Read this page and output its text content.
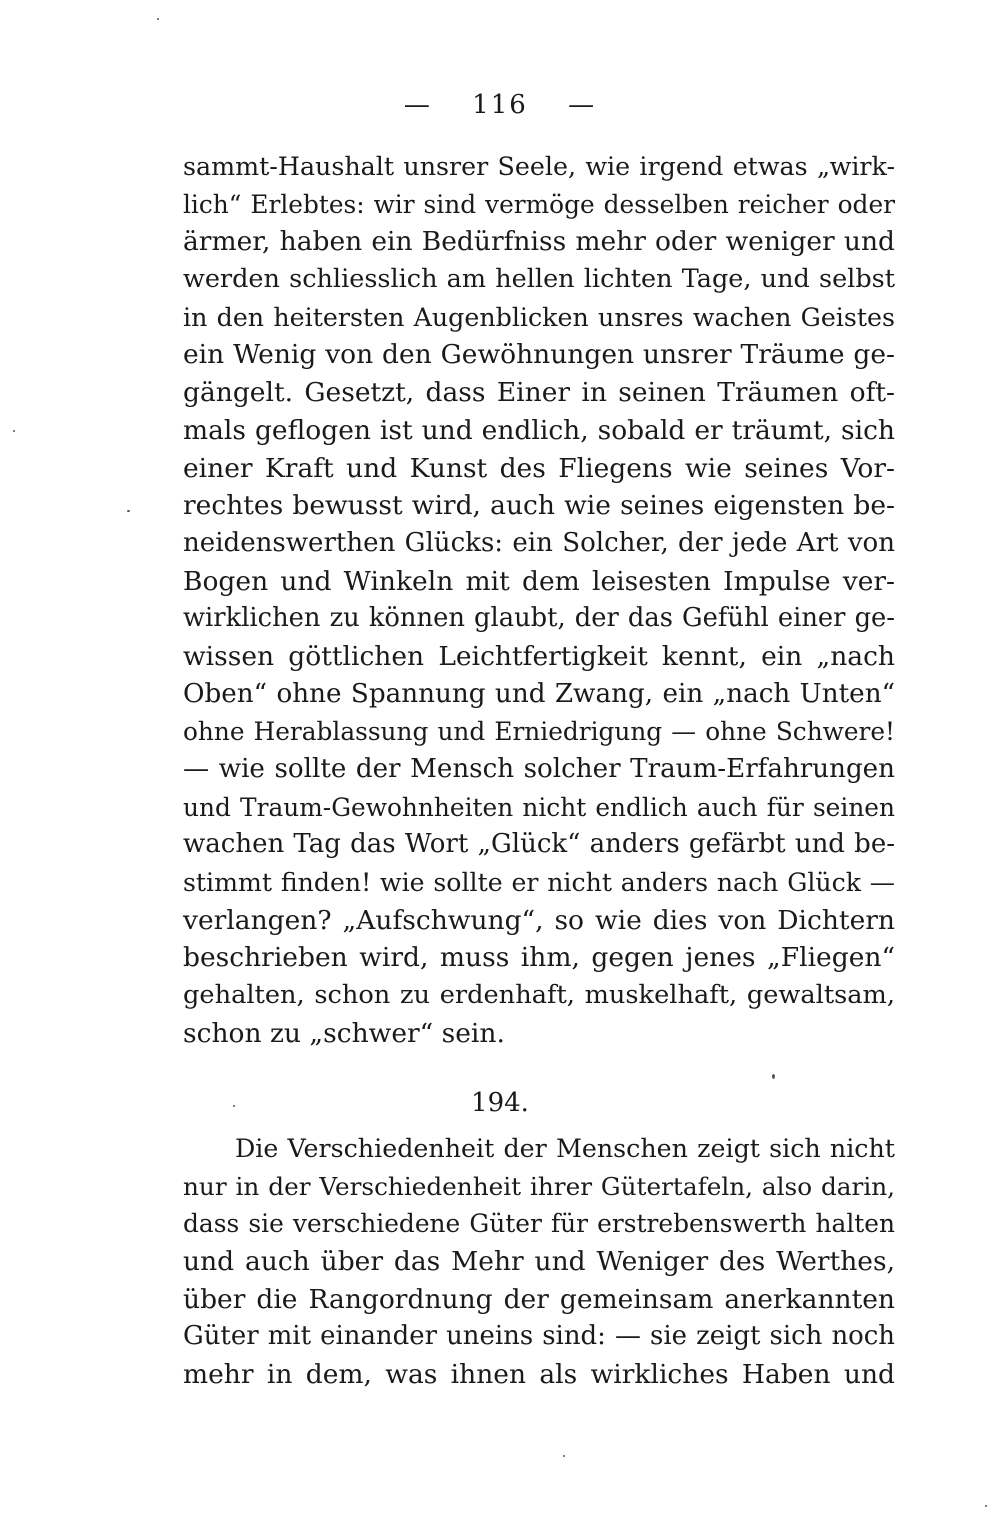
— 116 —
sammt-Haushalt unsrer Seele, wie irgend etwas „wirk-
lich“ Erlebtes: wir sind vermöge desselben reicher oder
ärmer, haben ein Bedürfniss mehr oder weniger und
werden schliesslich am hellen lichten Tage, und selbst
in den heitersten Augenblicken unsres wachen Geistes
ein Wenig von den Gewöhnungen unsrer Träume ge-
gängelt. Gesetzt, dass Einer in seinen Träumen oft-
mals geflogen ist und endlich, sobald er träumt, sich
einer Kraft und Kunst des Fliegens wie seines Vor-
rechtes bewusst wird, auch wie seines eigensten be-
neidenswerthen Glücks: ein Solcher, der jede Art von
Bogen und Winkeln mit dem leisesten Impulse ver-
wirklichen zu können glaubt, der das Gefühl einer ge-
wissen göttlichen Leichtfertigkeit kennt, ein „nach
Oben“ ohne Spannung und Zwang, ein „nach Unten“
ohne Herablassung und Erniedrigung — ohne Schwere!
— wie sollte der Mensch solcher Traum-Erfahrungen
und Traum-Gewohnheiten nicht endlich auch für seinen
wachen Tag das Wort „Glück“ anders gefärbt und be-
stimmt finden! wie sollte er nicht anders nach Glück —
verlangen? „Aufschwung“, so wie dies von Dichtern
beschrieben wird, muss ihm, gegen jenes „Fliegen“
gehalten, schon zu erdenhaft, muskelhaft, gewaltsam,
schon zu „schwer“ sein.
194.
Die Verschiedenheit der Menschen zeigt sich nicht
nur in der Verschiedenheit ihrer Gütertafeln, also darin,
dass sie verschiedene Güter für erstrebenswerth halten
und auch über das Mehr und Weniger des Werthes,
über die Rangordnung der gemeinsam anerkannten
Güter mit einander uneins sind: — sie zeigt sich noch
mehr in dem, was ihnen als wirkliches Haben und
